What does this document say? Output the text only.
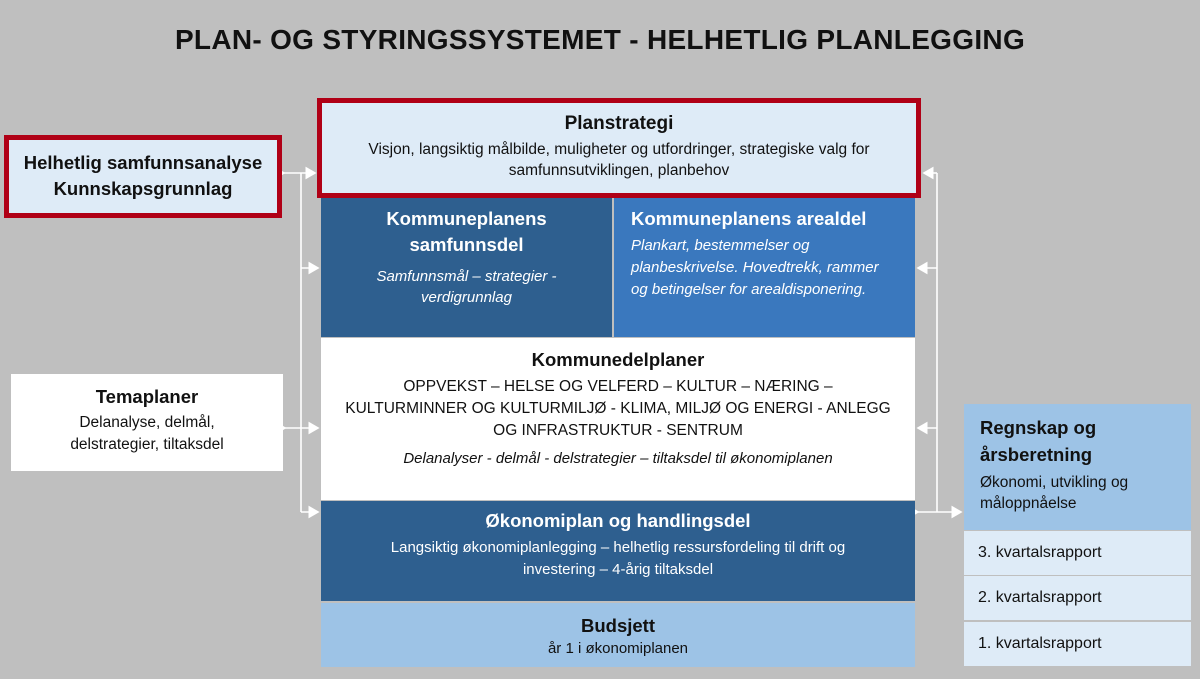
PLAN- OG STYRINGSSYSTEMET - HELHETLIG PLANLEGGING
Helhetlig samfunnsanalyse
Kunnskapsgrunnlag
Planstrategi
Visjon, langsiktig målbilde, muligheter og utfordringer, strategiske valg for samfunnsutviklingen, planbehov
Kommuneplanens samfunnsdel
Samfunnsmål – strategier - verdigrunnlag
Kommuneplanens arealdel
Plankart, bestemmelser og planbeskrivelse. Hovedtrekk, rammer og betingelser for arealdisponering.
Kommunedelplaner
OPPVEKST – HELSE OG VELFERD – KULTUR – NÆRING – KULTURMINNER OG KULTURMILJØ - KLIMA, MILJØ OG ENERGI - ANLEGG OG INFRASTRUKTUR - SENTRUM
Delanalyser - delmål - delstrategier – tiltaksdel til økonomiplanen
Økonomiplan og handlingsdel
Langsiktig økonomiplanlegging – helhetlig ressursfordeling til drift og investering – 4-årig tiltaksdel
Budsjett
år 1 i økonomiplanen
Temaplaner
Delanalyse, delmål, delstrategier, tiltaksdel
Regnskap og årsberetning
Økonomi, utvikling og måloppnåelse
3. kvartalsrapport
2. kvartalsrapport
1. kvartalsrapport
